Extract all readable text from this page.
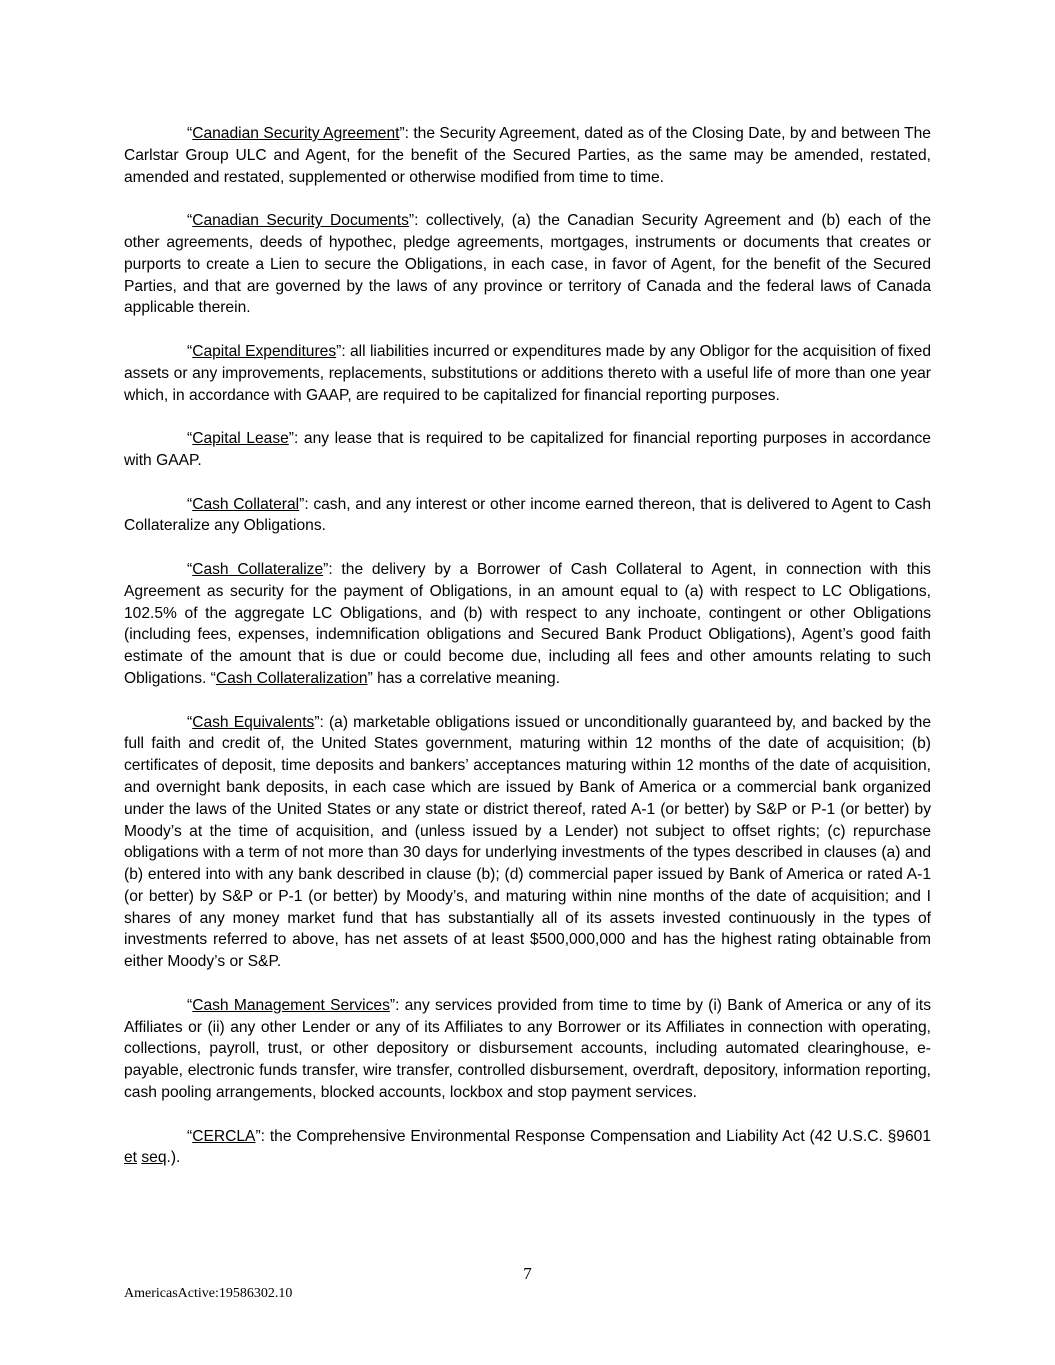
“Canadian Security Agreement”: the Security Agreement, dated as of the Closing Date, by and between The Carlstar Group ULC and Agent, for the benefit of the Secured Parties, as the same may be amended, restated, amended and restated, supplemented or otherwise modified from time to time.

“Canadian Security Documents”: collectively, (a) the Canadian Security Agreement and (b) each of the other agreements, deeds of hypothec, pledge agreements, mortgages, instruments or documents that creates or purports to create a Lien to secure the Obligations, in each case, in favor of Agent, for the benefit of the Secured Parties, and that are governed by the laws of any province or territory of Canada and the federal laws of Canada applicable therein.

“Capital Expenditures”: all liabilities incurred or expenditures made by any Obligor for the acquisition of fixed assets or any improvements, replacements, substitutions or additions thereto with a useful life of more than one year which, in accordance with GAAP, are required to be capitalized for financial reporting purposes.

“Capital Lease”: any lease that is required to be capitalized for financial reporting purposes in accordance with GAAP.

“Cash Collateral”: cash, and any interest or other income earned thereon, that is delivered to Agent to Cash Collateralize any Obligations.

“Cash Collateralize”: the delivery by a Borrower of Cash Collateral to Agent, in connection with this Agreement as security for the payment of Obligations, in an amount equal to (a) with respect to LC Obligations, 102.5% of the aggregate LC Obligations, and (b) with respect to any inchoate, contingent or other Obligations (including fees, expenses, indemnification obligations and Secured Bank Product Obligations), Agent’s good faith estimate of the amount that is due or could become due, including all fees and other amounts relating to such Obligations. “Cash Collateralization” has a correlative meaning.

“Cash Equivalents”: (a) marketable obligations issued or unconditionally guaranteed by, and backed by the full faith and credit of, the United States government, maturing within 12 months of the date of acquisition; (b) certificates of deposit, time deposits and bankers’ acceptances maturing within 12 months of the date of acquisition, and overnight bank deposits, in each case which are issued by Bank of America or a commercial bank organized under the laws of the United States or any state or district thereof, rated A-1 (or better) by S&P or P-1 (or better) by Moody’s at the time of acquisition, and (unless issued by a Lender) not subject to offset rights; (c) repurchase obligations with a term of not more than 30 days for underlying investments of the types described in clauses (a) and (b) entered into with any bank described in clause (b); (d) commercial paper issued by Bank of America or rated A-1 (or better) by S&P or P-1 (or better) by Moody’s, and maturing within nine months of the date of acquisition; and I shares of any money market fund that has substantially all of its assets invested continuously in the types of investments referred to above, has net assets of at least $500,000,000 and has the highest rating obtainable from either Moody’s or S&P.

“Cash Management Services”: any services provided from time to time by (i) Bank of America or any of its Affiliates or (ii) any other Lender or any of its Affiliates to any Borrower or its Affiliates in connection with operating, collections, payroll, trust, or other depository or disbursement accounts, including automated clearinghouse, e-payable, electronic funds transfer, wire transfer, controlled disbursement, overdraft, depository, information reporting, cash pooling arrangements, blocked accounts, lockbox and stop payment services.

“CERCLA”: the Comprehensive Environmental Response Compensation and Liability Act (42 U.S.C. §9601 et seq.).

7
AmericasActive:19586302.10
